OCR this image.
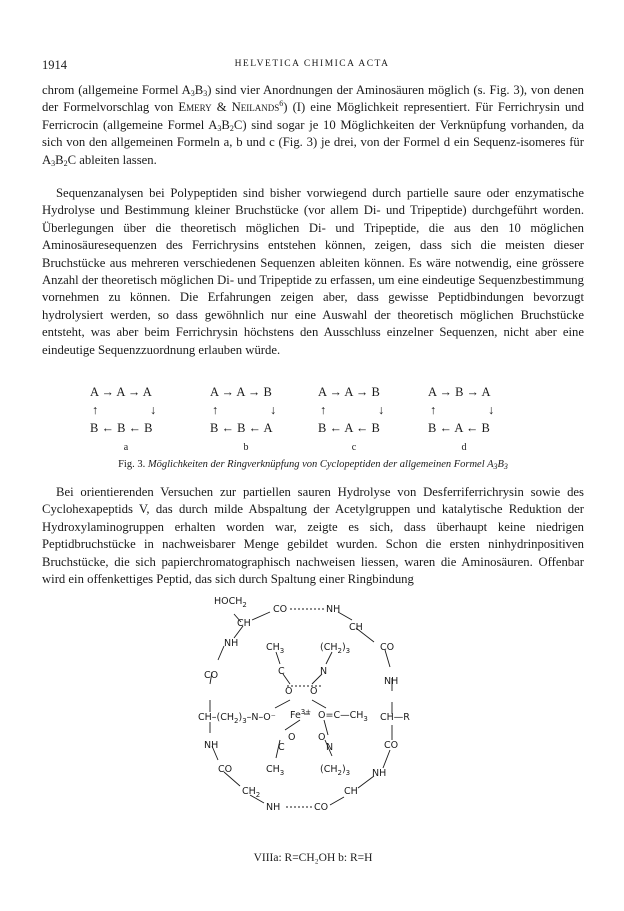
1914	HELVETICA CHIMICA ACTA

chrom (allgemeine Formel $A_3B_3$) sind vier Anordnungen der Aminosäuren möglich (s. Fig. 3), von denen der Formelvorschlag von Emery & Neilands$^6$) (I) eine Möglichkeit representiert. Für Ferrichrysin und Ferricrocin (allgemeine Formel $A_3B_2C$) sind sogar je 10 Möglichkeiten der Verknüpfung vorhanden, da sich von den allgemeinen Formeln a, b und c (Fig. 3) je drei, von der Formel d ein Sequenz-isomeres für $A_3B_2C$ ableiten lassen.

Sequenzanalysen bei Polypeptiden sind bisher vorwiegend durch partielle saure oder enzymatische Hydrolyse und Bestimmung kleiner Bruchstücke (vor allem Di- und Tripeptide) durchgeführt worden. Überlegungen über die theoretisch möglichen Di- und Tripeptide, die aus den 10 möglichen Aminosäuresequenzen des Ferrichrysins entstehen können, zeigen, dass sich die meisten dieser Bruchstücke aus mehreren verschiedenen Sequenzen ableiten können. Es wäre notwendig, eine grössere Anzahl der theoretisch möglichen Di- und Tripeptide zu erfassen, um eine eindeutige Sequenzbestimmung vornehmen zu können. Die Erfahrungen zeigen aber, dass gewisse Peptidbindungen bevorzugt hydrolysiert werden, so dass gewöhnlich nur eine Auswahl der theoretisch möglichen Bruchstücke entsteht, was aber beim Ferrichrysin höchstens den Ausschluss einzelner Sequenzen, nicht aber eine eindeutige Sequenzzuordnung erlauben würde.

A → A → A
↑	↓
B ← B ← B
a
A → A → B
↑	↓
B ← B ← A
b
A → A → B
↑	↓
B ← A ← B
c
A → B → A
↑	↓
B ← A ← B
d
Fig. 3. Möglichkeiten der Ringverknüpfung von Cyclopeptiden der allgemeinen Formel $A_3B_3$

Bei orientierenden Versuchen zur partiellen sauren Hydrolyse von Desferriferrichrysin sowie des Cyclohexapeptids V, das durch milde Abspaltung der Acetylgruppen und katalytische Reduktion der Hydroxylaminogruppen erhalten worden war, zeigte es sich, dass überhaupt keine niedrigen Peptidbruchstücke in nachweisbarer Menge gebildet wurden. Schon die ersten ninhydrinpositiven Bruchstücke, die sich papierchromatographisch nachweisen liessen, waren die Aminosäuren. Offenbar wird ein offenkettiges Peptid, das sich durch Spaltung einer Ringbindung

$HOCH_2$
CH
CO	NH
CH
CO
NH	$CH_3$	$(CH_2)_3$
C	N
CO
O O
NH
$CH-(CH_2)_3-N-O^-$ $Fe^{3+}$ $O=C—CH_3$ CH—R
NH
O
C
O
N	CO
$CH_3$	$(CH_2)_3$
CO	NH
CH
$CH_2$
NH	CO
VIIIa: R=CH₂OH b: R=H
